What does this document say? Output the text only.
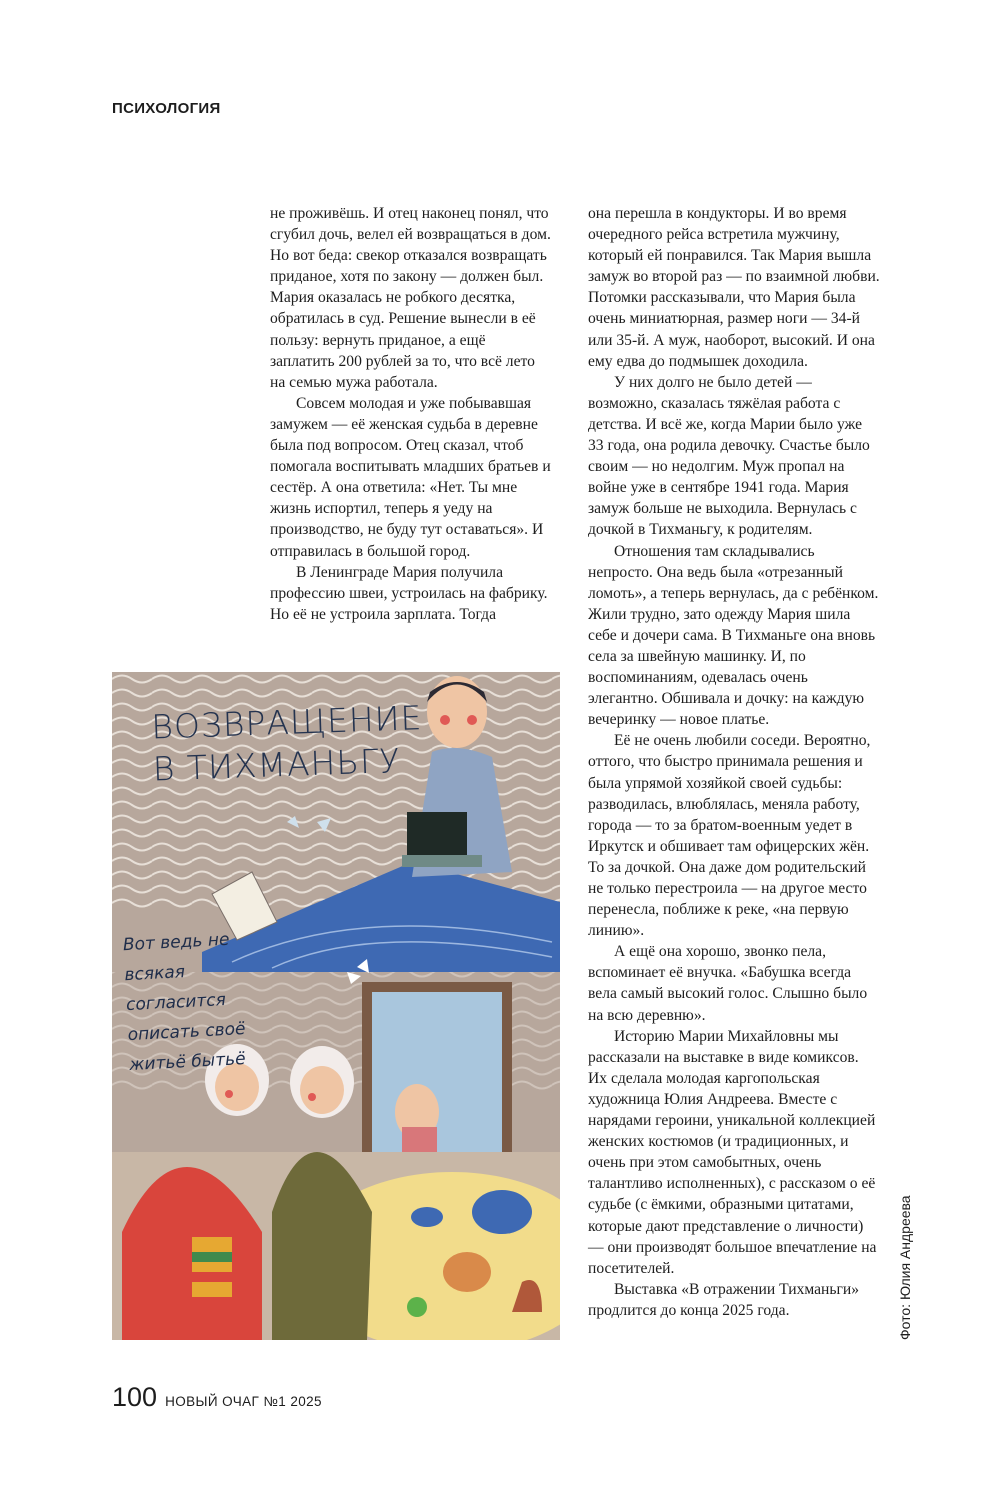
ПСИХОЛОГИЯ

не проживёшь. И отец наконец понял, что сгубил дочь, велел ей возвращаться в дом. Но вот беда: свекор отказался возвращать приданое, хотя по закону — должен был. Мария оказалась не робкого десятка, обратилась в суд. Решение вынесли в её пользу: вернуть приданое, а ещё заплатить 200 рублей за то, что всё лето на семью мужа работала.

Совсем молодая и уже побывавшая замужем — её женская судьба в деревне была под вопросом. Отец сказал, чтоб помогала воспитывать младших братьев и сестёр. А она ответила: «Нет. Ты мне жизнь испортил, теперь я уеду на производство, не буду тут оставаться». И отправилась в большой город.

В Ленинграде Мария получила профессию швеи, устроилась на фабрику. Но её не устроила зарплата. Тогда

она перешла в кондукторы. И во время очередного рейса встретила мужчину, который ей понравился. Так Мария вышла замуж во второй раз — по взаимной любви. Потомки рассказывали, что Мария была очень миниатюрная, размер ноги — 34-й или 35-й. А муж, наоборот, высокий. И она ему едва до подмышек доходила.

У них долго не было детей — возможно, сказалась тяжёлая работа с детства. И всё же, когда Марии было уже 33 года, она родила девочку. Счастье было своим — но недолгим. Муж пропал на войне уже в сентябре 1941 года. Мария замуж больше не выходила. Вернулась с дочкой в Тихманьгу, к родителям.

Отношения там складывались непросто. Она ведь была «отрезанный ломоть», а теперь вернулась, да с ребёнком. Жили трудно, зато одежду Мария шила себе и дочери сама. В Тихманьге она вновь села за швейную машинку. И, по воспоминаниям, одевалась очень элегантно. Обшивала и дочку: на каждую вечеринку — новое платье.

Её не очень любили соседи. Вероятно, оттого, что быстро принимала решения и была упрямой хозяйкой своей судьбы: разводилась, влюблялась, меняла работу, города — то за братом-военным уедет в Иркутск и обшивает там офицерских жён. То за дочкой. Она даже дом родительский не только перестроила — на другое место перенесла, поближе к реке, «на первую линию».

А ещё она хорошо, звонко пела, вспоминает её внучка. «Бабушка всегда вела самый высокий голос. Слышно было на всю деревню».

Историю Марии Михайловны мы рассказали на выставке в виде комиксов. Их сделала молодая каргопольская художница Юлия Андреева. Вместе с нарядами героини, уникальной коллекцией женских костюмов (и традиционных, и очень при этом самобытных, очень талантливо исполненных), с рассказом о её судьбе (с ёмкими, образными цитатами, которые дают представление о личности) — они производят большое впечатление на посетителей.

Выставка «В отражении Тихманьги» продлится до конца 2025 года.

ВОЗВРАЩЕНИЕ В ТИХМАНЬГУ
Вот ведь не всякая согласится описать своё житьё бытьё
Фото: Юлия Андреева
100 НОВЫЙ ОЧАГ №1 2025
